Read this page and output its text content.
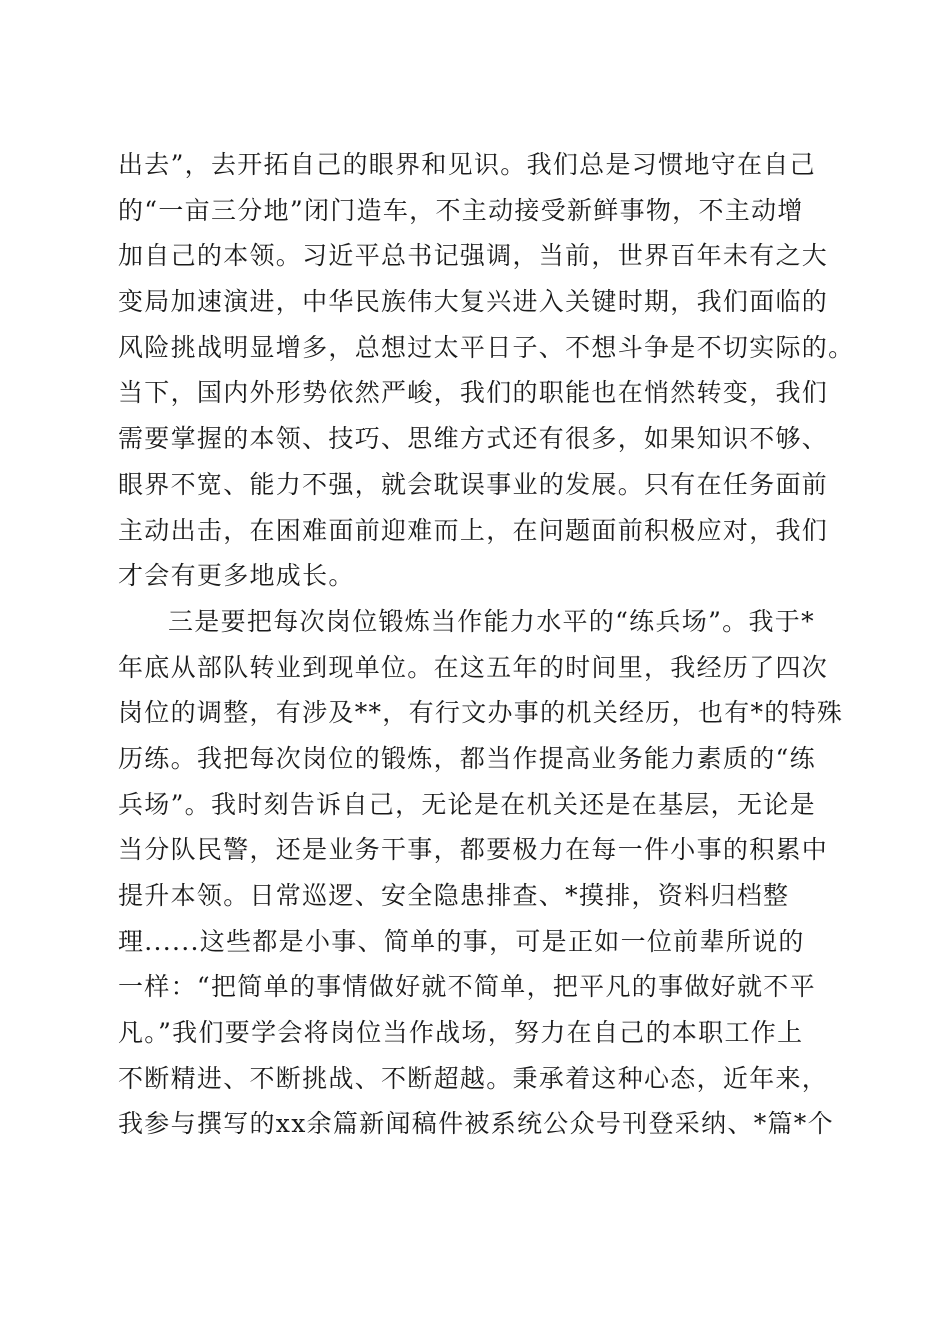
出去”，去开拓自己的眼界和见识。我们总是习惯地守在自己
的“一亩三分地”闭门造车，不主动接受新鲜事物，不主动增
加自己的本领。习近平总书记强调，当前，世界百年未有之大
变局加速演进，中华民族伟大复兴进入关键时期，我们面临的
风险挑战明显增多，总想过太平日子、不想斗争是不切实际的。
当下，国内外形势依然严峻，我们的职能也在悄然转变，我们
需要掌握的本领、技巧、思维方式还有很多，如果知识不够、
眼界不宽、能力不强，就会耽误事业的发展。只有在任务面前
主动出击，在困难面前迎难而上，在问题面前积极应对，我们
才会有更多地成长。
三是要把每次岗位锻炼当作能力水平的“练兵场”。我于*
年底从部队转业到现单位。在这五年的时间里，我经历了四次
岗位的调整，有涉及**，有行文办事的机关经历，也有*的特殊
历练。我把每次岗位的锻炼，都当作提高业务能力素质的“练
兵场”。我时刻告诉自己，无论是在机关还是在基层，无论是
当分队民警，还是业务干事，都要极力在每一件小事的积累中
提升本领。日常巡逻、安全隐患排查、*摸排，资料归档整
理......这些都是小事、简单的事，可是正如一位前辈所说的
一样：“把简单的事情做好就不简单，把平凡的事做好就不平
凡。”我们要学会将岗位当作战场，努力在自己的本职工作上
不断精进、不断挑战、不断超越。秉承着这种心态，近年来，
我参与撰写的xx余篇新闻稿件被系统公众号刊登采纳、*篇*个
